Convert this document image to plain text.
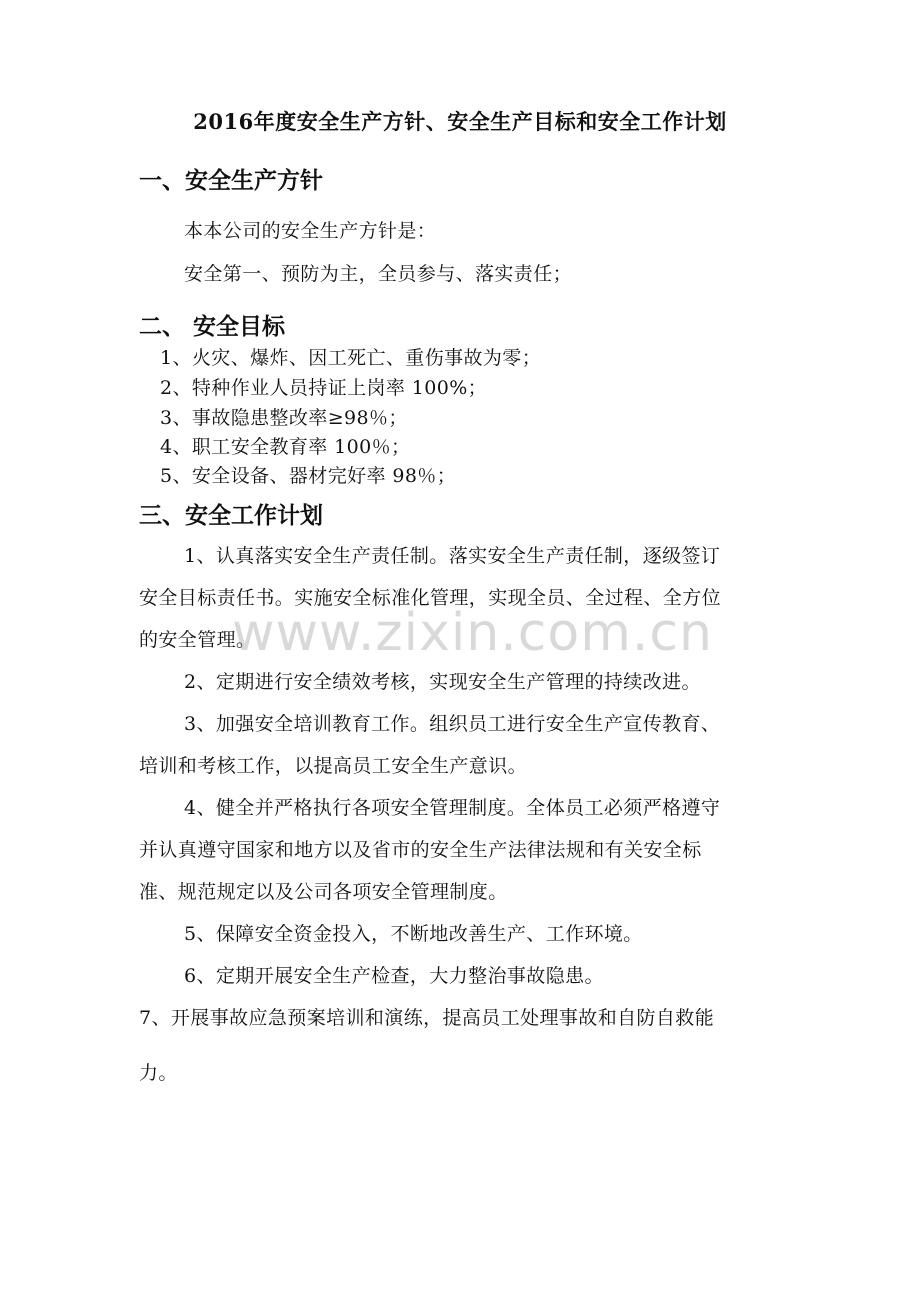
2016年度安全生产方针、安全生产目标和安全工作计划
一、安全生产方针
本本公司的安全生产方针是：
安全第一、预防为主，全员参与、落实责任；
二、 安全目标
1、火灾、爆炸、因工死亡、重伤事故为零；
2、特种作业人员持证上岗率 100%；
3、事故隐患整改率≥98％；
4、职工安全教育率 100％；
5、安全设备、器材完好率 98％；
三、安全工作计划
www.zixin.com.cn
1、认真落实安全生产责任制。落实安全生产责任制，逐级签订
安全目标责任书。实施安全标准化管理，实现全员、全过程、全方位
的安全管理。
2、定期进行安全绩效考核，实现安全生产管理的持续改进。
3、加强安全培训教育工作。组织员工进行安全生产宣传教育、
培训和考核工作，以提高员工安全生产意识。
4、健全并严格执行各项安全管理制度。全体员工必须严格遵守
并认真遵守国家和地方以及省市的安全生产法律法规和有关安全标
准、规范规定以及公司各项安全管理制度。
5、保障安全资金投入，不断地改善生产、工作环境。
6、定期开展安全生产检查，大力整治事故隐患。
7、开展事故应急预案培训和演练，提高员工处理事故和自防自救能
力。
